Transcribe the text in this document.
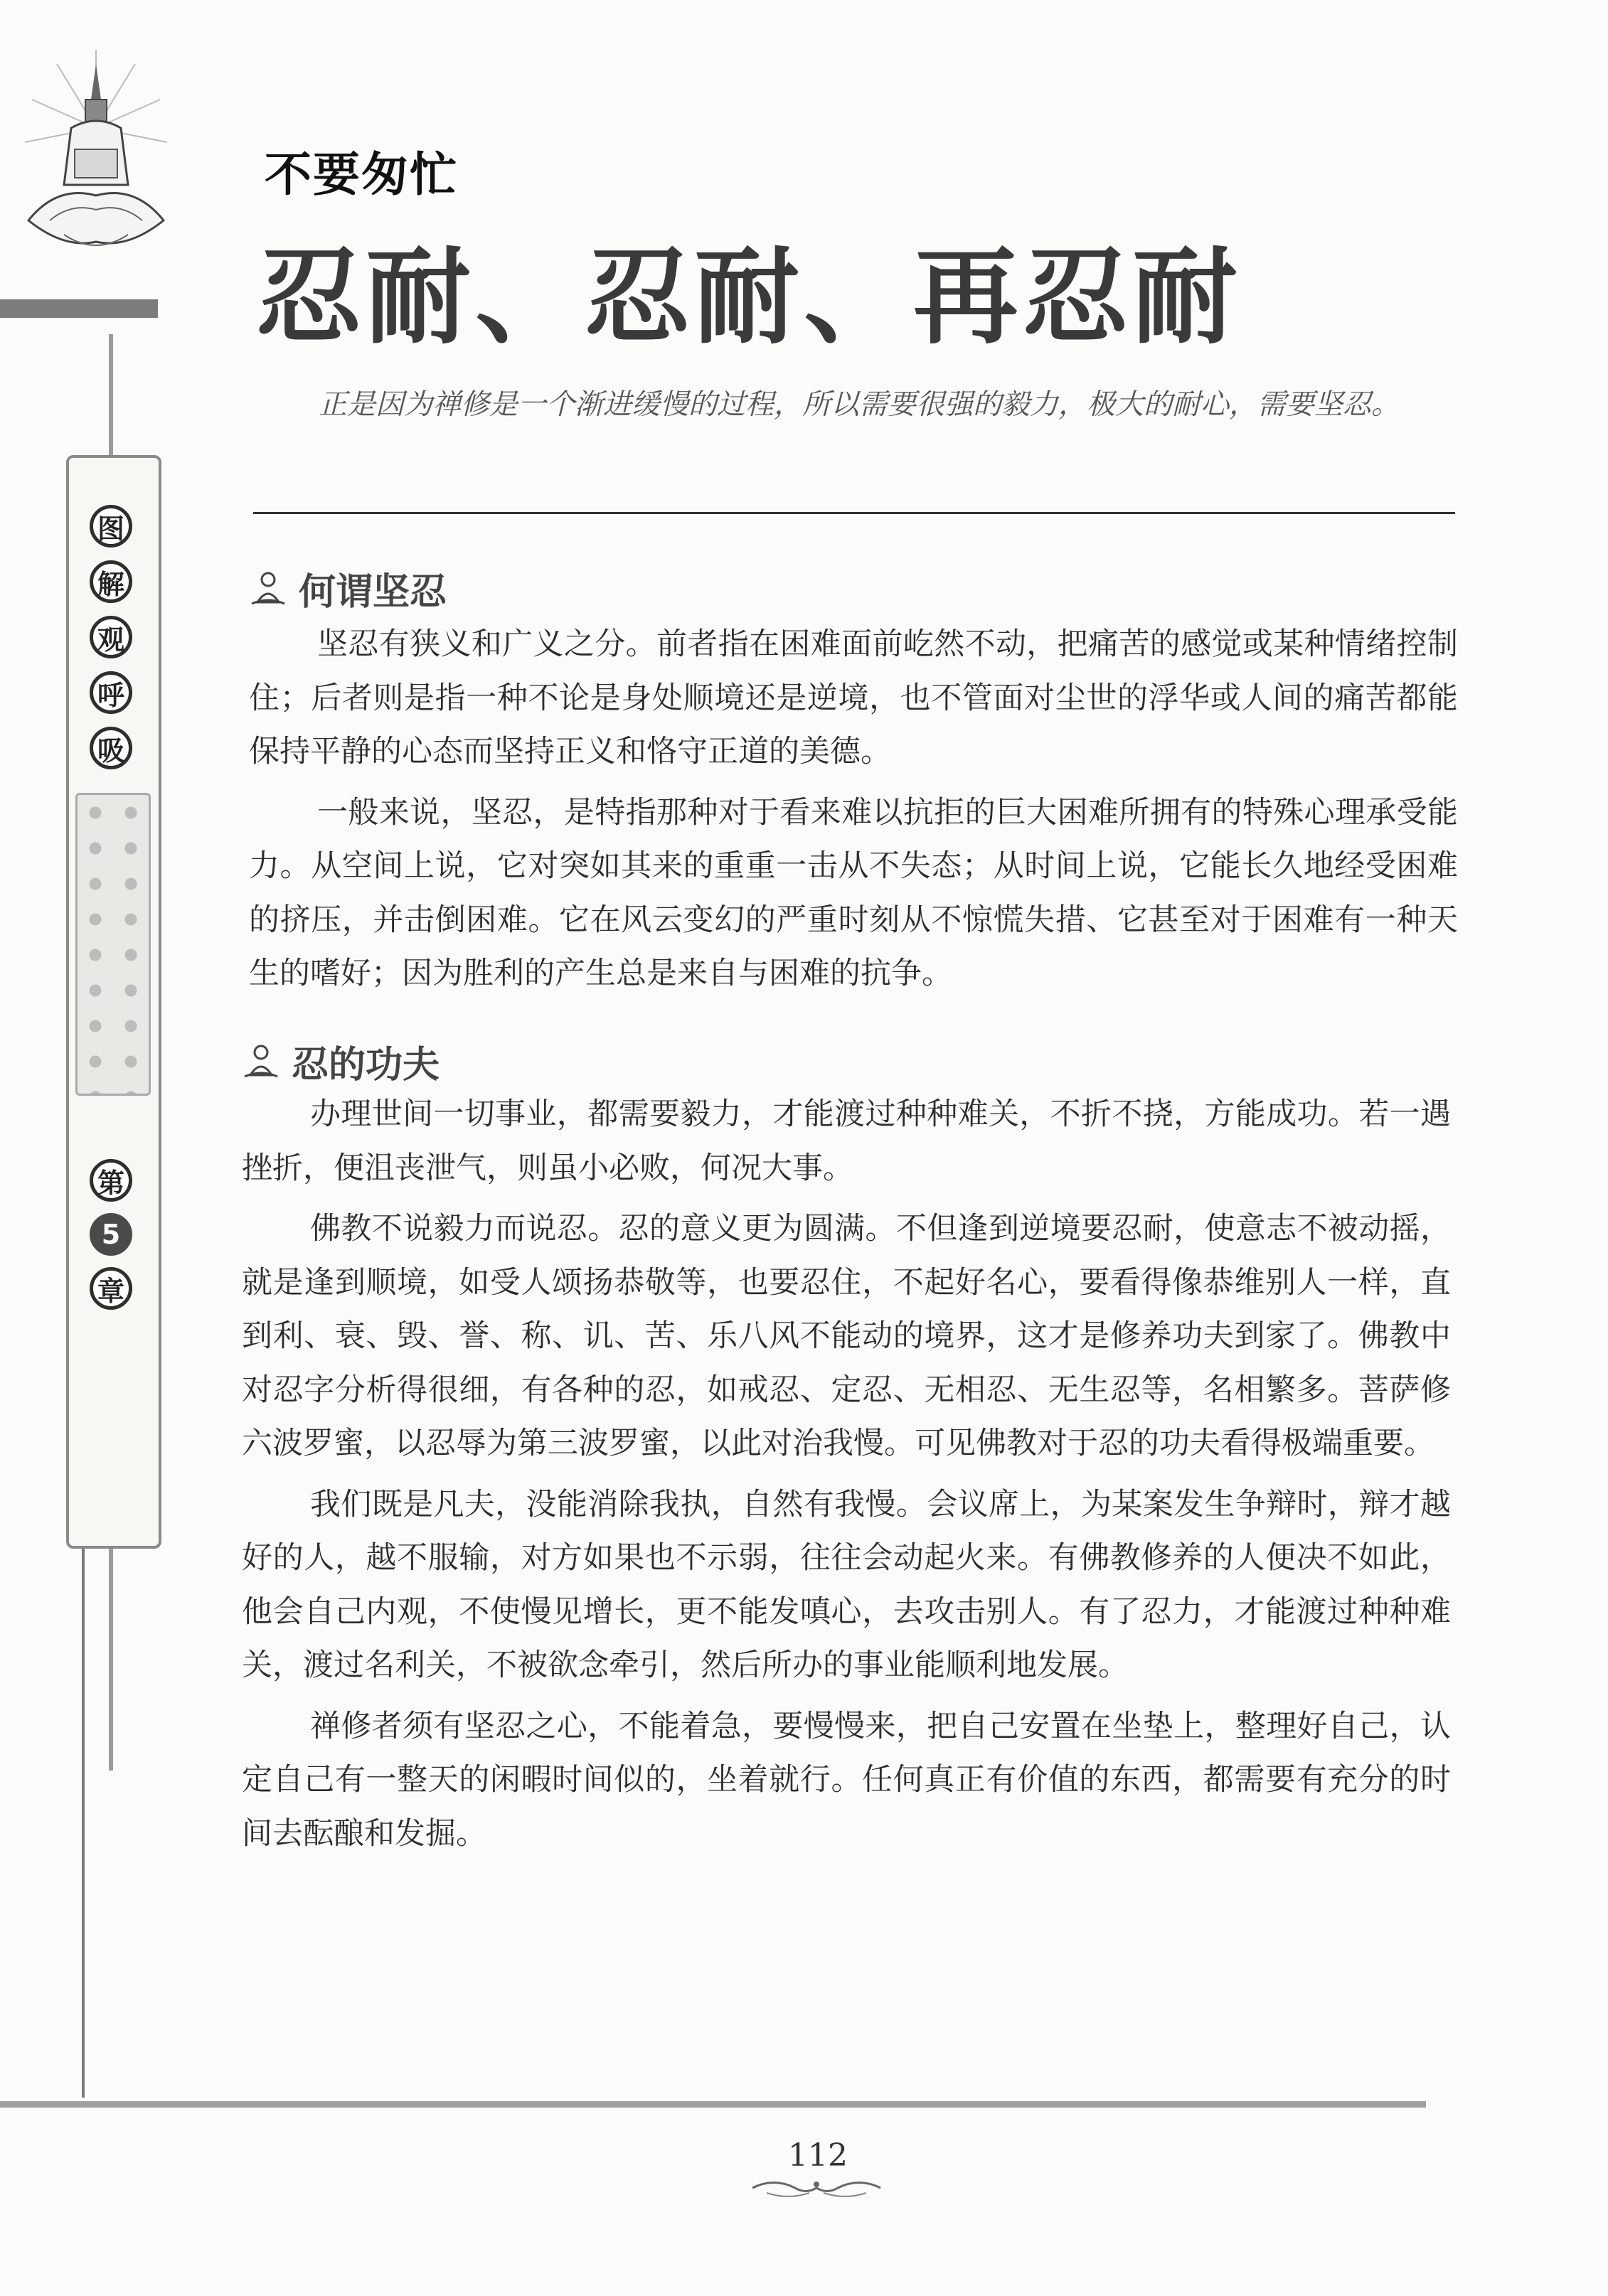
图
解
观
呼
吸
第
5
章
不要匆忙
忍耐、忍耐、再忍耐

正是因为禅修是一个渐进缓慢的过程，所以需要很强的毅力，极大的耐心，需要坚忍。

何谓坚忍

坚忍有狭义和广义之分。前者指在困难面前屹然不动，把痛苦的感觉或某种情绪控制住；后者则是指一种不论是身处顺境还是逆境，也不管面对尘世的浮华或人间的痛苦都能保持平静的心态而坚持正义和恪守正道的美德。

一般来说，坚忍，是特指那种对于看来难以抗拒的巨大困难所拥有的特殊心理承受能力。从空间上说，它对突如其来的重重一击从不失态；从时间上说，它能长久地经受困难的挤压，并击倒困难。它在风云变幻的严重时刻从不惊慌失措、它甚至对于困难有一种天生的嗜好；因为胜利的产生总是来自与困难的抗争。

忍的功夫

办理世间一切事业，都需要毅力，才能渡过种种难关，不折不挠，方能成功。若一遇挫折，便沮丧泄气，则虽小必败，何况大事。

佛教不说毅力而说忍。忍的意义更为圆满。不但逢到逆境要忍耐，使意志不被动摇，就是逢到顺境，如受人颂扬恭敬等，也要忍住，不起好名心，要看得像恭维别人一样，直到利、衰、毁、誉、称、讥、苦、乐八风不能动的境界，这才是修养功夫到家了。佛教中对忍字分析得很细，有各种的忍，如戒忍、定忍、无相忍、无生忍等，名相繁多。菩萨修六波罗蜜，以忍辱为第三波罗蜜，以此对治我慢。可见佛教对于忍的功夫看得极端重要。

我们既是凡夫，没能消除我执，自然有我慢。会议席上，为某案发生争辩时，辩才越好的人，越不服输，对方如果也不示弱，往往会动起火来。有佛教修养的人便决不如此，他会自己内观，不使慢见增长，更不能发嗔心，去攻击别人。有了忍力，才能渡过种种难关，渡过名利关，不被欲念牵引，然后所办的事业能顺利地发展。

禅修者须有坚忍之心，不能着急，要慢慢来，把自己安置在坐垫上，整理好自己，认定自己有一整天的闲暇时间似的，坐着就行。任何真正有价值的东西，都需要有充分的时间去酝酿和发掘。

112
